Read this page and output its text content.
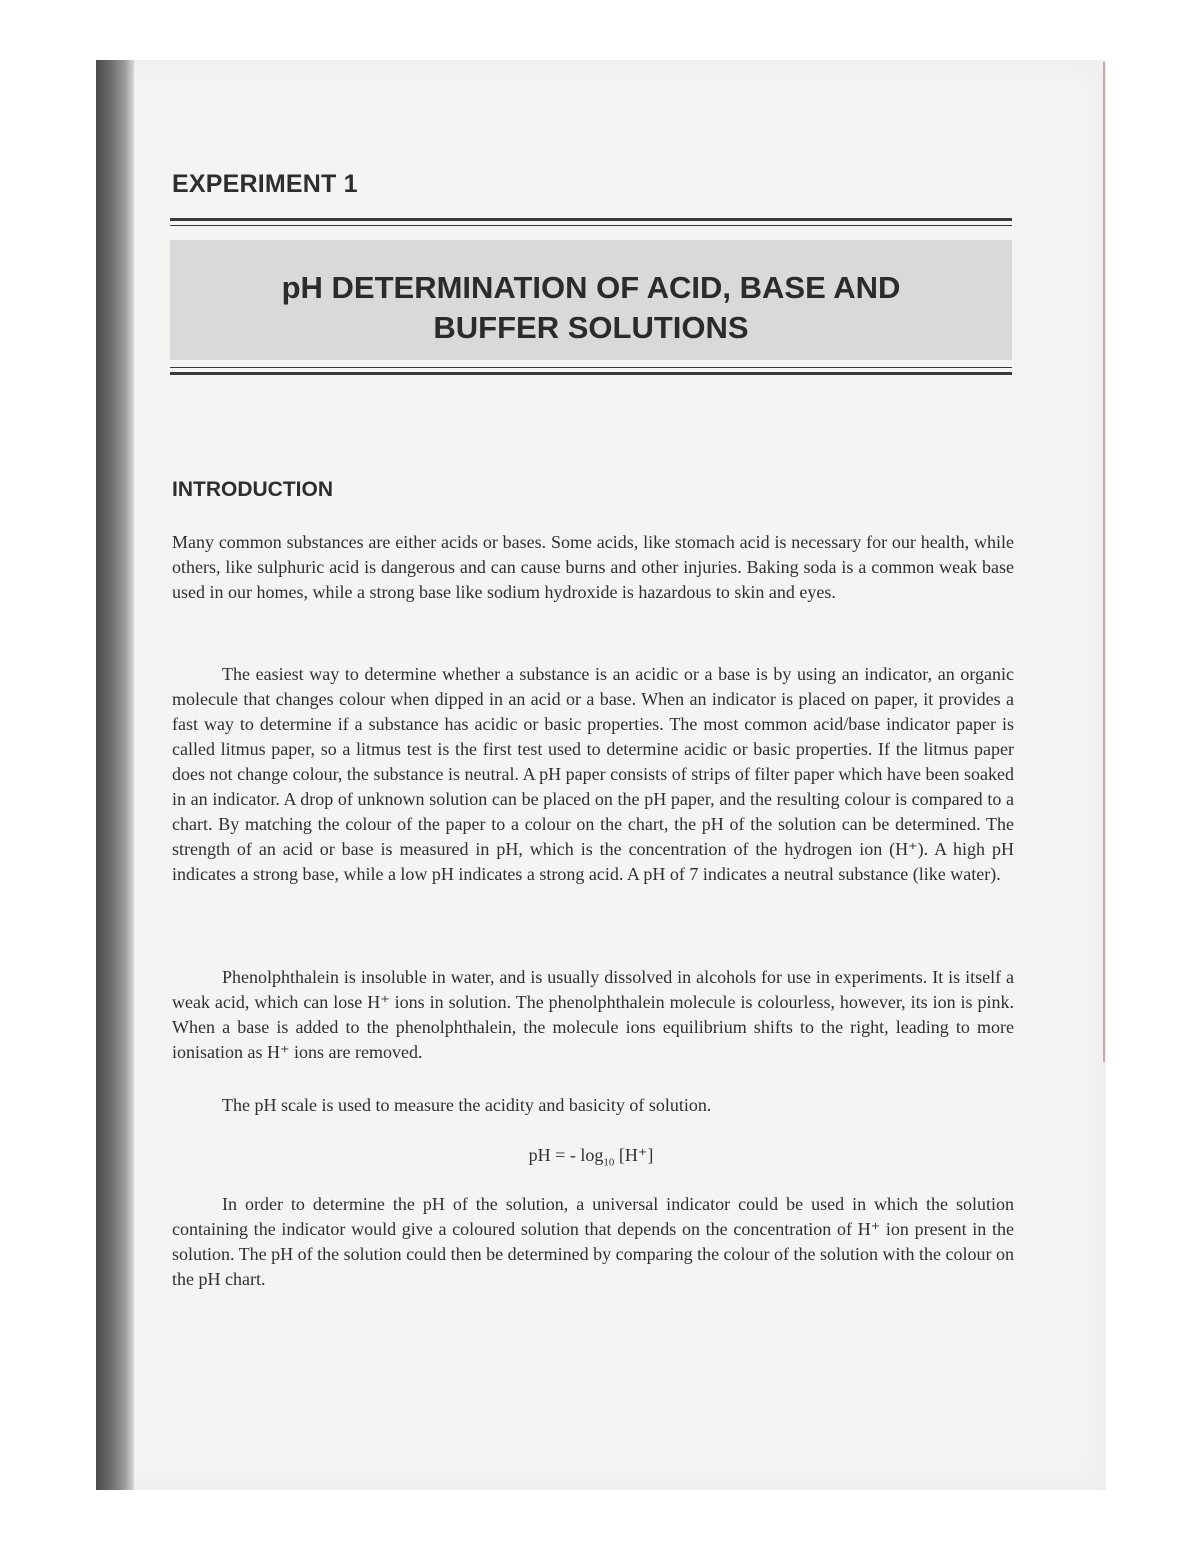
EXPERIMENT 1
pH DETERMINATION OF ACID, BASE AND
BUFFER SOLUTIONS
INTRODUCTION

Many common substances are either acids or bases. Some acids, like stomach acid is necessary for our health, while others, like sulphuric acid is dangerous and can cause burns and other injuries. Baking soda is a common weak base used in our homes, while a strong base like sodium hydroxide is hazardous to skin and eyes.

The easiest way to determine whether a substance is an acidic or a base is by using an indicator, an organic molecule that changes colour when dipped in an acid or a base. When an indicator is placed on paper, it provides a fast way to determine if a substance has acidic or basic properties. The most common acid/base indicator paper is called litmus paper, so a litmus test is the first test used to determine acidic or basic properties. If the litmus paper does not change colour, the substance is neutral. A pH paper consists of strips of filter paper which have been soaked in an indicator. A drop of unknown solution can be placed on the pH paper, and the resulting colour is compared to a chart. By matching the colour of the paper to a colour on the chart, the pH of the solution can be determined. The strength of an acid or base is measured in pH, which is the concentration of the hydrogen ion (H⁺). A high pH indicates a strong base, while a low pH indicates a strong acid. A pH of 7 indicates a neutral substance (like water).

Phenolphthalein is insoluble in water, and is usually dissolved in alcohols for use in experiments. It is itself a weak acid, which can lose H⁺ ions in solution. The phenolphthalein molecule is colourless, however, its ion is pink. When a base is added to the phenolphthalein, the molecule ions equilibrium shifts to the right, leading to more ionisation as H⁺ ions are removed.

The pH scale is used to measure the acidity and basicity of solution.

pH = - $\log_{10} [H^+]$

In order to determine the pH of the solution, a universal indicator could be used in which the solution containing the indicator would give a coloured solution that depends on the concentration of H⁺ ion present in the solution. The pH of the solution could then be determined by comparing the colour of the solution with the colour on the pH chart.
